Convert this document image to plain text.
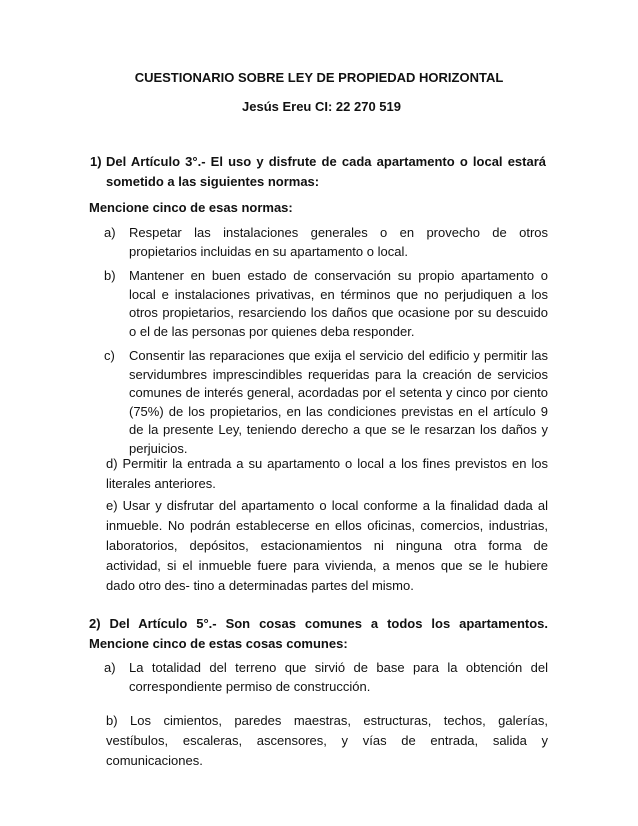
CUESTIONARIO SOBRE LEY DE PROPIEDAD HORIZONTAL
Jesús Ereu CI: 22 270 519
1) Del Artículo 3°.- El uso y disfrute de cada apartamento o local estará sometido a las siguientes normas:
Mencione cinco de esas normas:
a) Respetar las instalaciones generales o en provecho de otros propietarios incluidas en su apartamento o local.
b) Mantener en buen estado de conservación su propio apartamento o local e instalaciones privativas, en términos que no perjudiquen a los otros propietarios, resarciendo los daños que ocasione por su descuido o el de las personas por quienes deba responder.
c) Consentir las reparaciones que exija el servicio del edificio y permitir las servidumbres imprescindibles requeridas para la creación de servicios comunes de interés general, acordadas por el setenta y cinco por ciento (75%) de los propietarios, en las condiciones previstas en el artículo 9 de la presente Ley, teniendo derecho a que se le resarzan los daños y perjuicios.
d) Permitir la entrada a su apartamento o local a los fines previstos en los literales anteriores.
e) Usar y disfrutar del apartamento o local conforme a la finalidad dada al inmueble. No podrán establecerse en ellos oficinas, comercios, industrias, laboratorios, depósitos, estacionamientos ni ninguna otra forma de actividad, si el inmueble fuere para vivienda, a menos que se le hubiere dado otro des- tino a determinadas partes del mismo.
2) Del Artículo 5°.- Son cosas comunes a todos los apartamentos. Mencione cinco de estas cosas comunes:
a) La totalidad del terreno que sirvió de base para la obtención del correspondiente permiso de construcción.
b) Los cimientos, paredes maestras, estructuras, techos, galerías, vestíbulos, escaleras, ascensores, y vías de entrada, salida y comunicaciones.
